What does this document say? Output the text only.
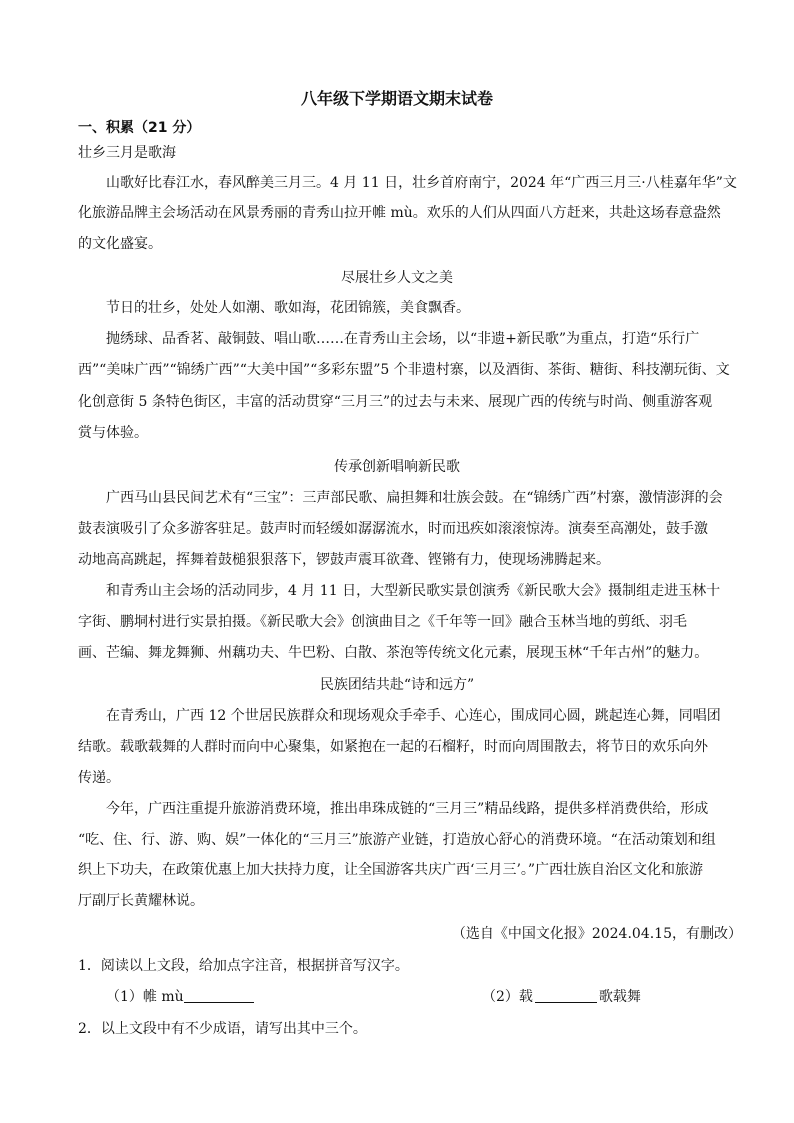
八年级下学期语文期末试卷
一、积累（21 分）
壮乡三月是歌海
山歌好比春江水，春风醉美三月三。4 月 11 日，壮乡首府南宁，2024 年“广西三月三·八桂嘉年华”文
化旅游品牌主会场活动在风景秀丽的青秀山拉开帷 mù。欢乐的人们从四面八方赶来，共赴这场春意盎然
的文化盛宴。
尽展壮乡人文之美
节日的壮乡，处处人如潮、歌如海，花团锦簇，美食飘香。
抛绣球、品香茗、敲铜鼓、唱山歌……在青秀山主会场，以“非遗+新民歌”为重点，打造“乐行广
西”“美味广西”“锦绣广西”“大美中国”“多彩东盟”5 个非遗村寨，以及酒街、茶街、糖街、科技潮玩街、文
化创意街 5 条特色街区，丰富的活动贯穿“三月三”的过去与未来、展现广西的传统与时尚、侧重游客观
赏与体验。
传承创新唱响新民歌
广西马山县民间艺术有“三宝”：三声部民歌、扁担舞和壮族会鼓。在“锦绣广西”村寨，激情澎湃的会
鼓表演吸引了众多游客驻足。鼓声时而轻缓如潺潺流水，时而迅疾如滚滚惊涛。演奏至高潮处，鼓手激
动地高高跳起，挥舞着鼓槌狠狠落下，锣鼓声震耳欲聋、铿锵有力，使现场沸腾起来。
和青秀山主会场的活动同步，4 月 11 日，大型新民歌实景创演秀《新民歌大会》摄制组走进玉林十
字街、鹏垌村进行实景拍摄。《新民歌大会》创演曲目之《千年等一回》融合玉林当地的剪纸、羽毛
画、芒编、舞龙舞狮、州藕功夫、牛巴粉、白散、茶泡等传统文化元素，展现玉林“千年古州”的魅力。
民族团结共赴“诗和远方”
在青秀山，广西 12 个世居民族群众和现场观众手牵手、心连心，围成同心圆，跳起连心舞，同唱团
结歌。载歌载舞的人群时而向中心聚集，如紧抱在一起的石榴籽，时而向周围散去，将节日的欢乐向外
传递。
今年，广西注重提升旅游消费环境，推出串珠成链的“三月三”精品线路，提供多样消费供给，形成
“吃、住、行、游、购、娱”一体化的“三月三”旅游产业链，打造放心舒心的消费环境。“在活动策划和组
织上下功夫，在政策优惠上加大扶持力度，让全国游客共庆广西‘三月三’。”广西壮族自治区文化和旅游
厅副厅长黄耀林说。
（选自《中国文化报》2024.04.15，有删改）
1．阅读以上文段，给加点字注音，根据拼音写汉字。
（1）帷 mù	（2）载	歌载舞
2．以上文段中有不少成语，请写出其中三个。
